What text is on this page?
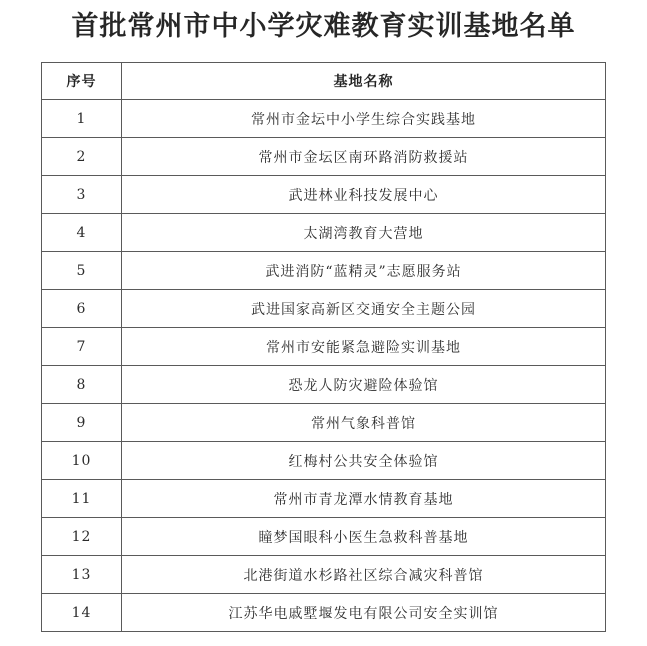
首批常州市中小学灾难教育实训基地名单
序号	基地名称
1	常州市金坛中小学生综合实践基地
2	常州市金坛区南环路消防救援站
3	武进林业科技发展中心
4	太湖湾教育大营地
5	武进消防“蓝精灵”志愿服务站
6	武进国家高新区交通安全主题公园
7	常州市安能紧急避险实训基地
8	恐龙人防灾避险体验馆
9	常州气象科普馆
10	红梅村公共安全体验馆
11	常州市青龙潭水情教育基地
12	瞳梦国眼科小医生急救科普基地
13	北港街道水杉路社区综合减灾科普馆
14	江苏华电戚墅堰发电有限公司安全实训馆
